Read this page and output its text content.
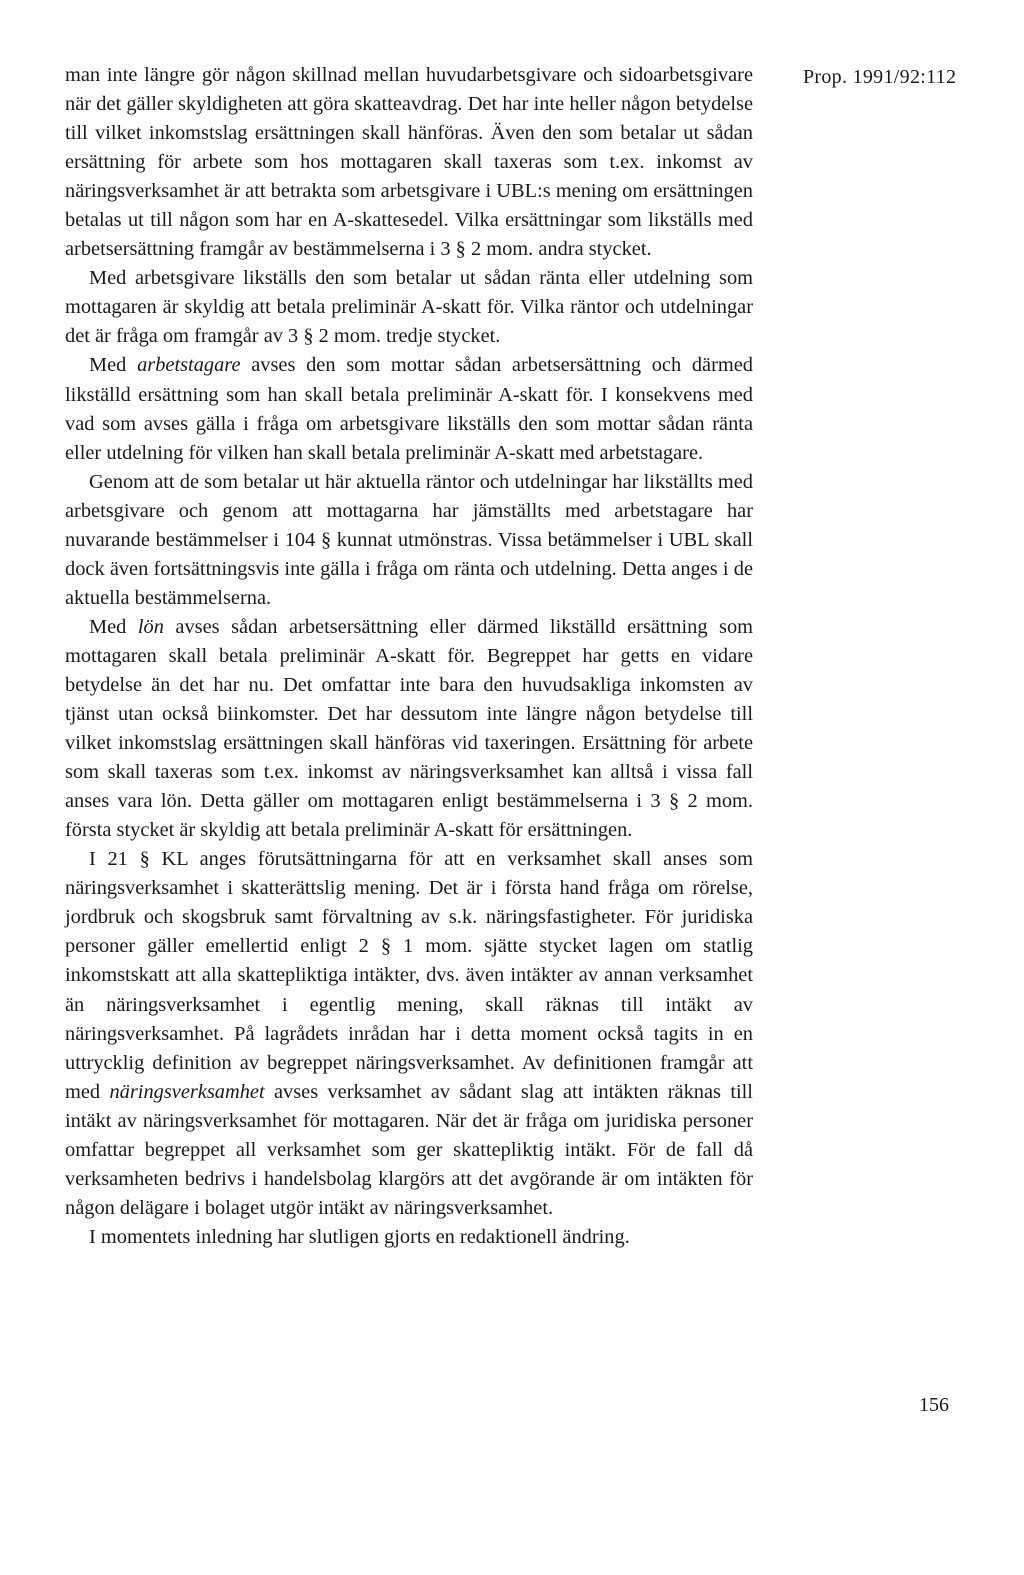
Prop. 1991/92:112

man inte längre gör någon skillnad mellan huvudarbetsgivare och sidoarbetsgivare när det gäller skyldigheten att göra skatteavdrag. Det har inte heller någon betydelse till vilket inkomstslag ersättningen skall hänföras. Även den som betalar ut sådan ersättning för arbete som hos mottagaren skall taxeras som t.ex. inkomst av näringsverksamhet är att betrakta som arbetsgivare i UBL:s mening om ersättningen betalas ut till någon som har en A-skattesedel. Vilka ersättningar som likställs med arbetsersättning framgår av bestämmelserna i 3 § 2 mom. andra stycket.

Med arbetsgivare likställs den som betalar ut sådan ränta eller utdelning som mottagaren är skyldig att betala preliminär A-skatt för. Vilka räntor och utdelningar det är fråga om framgår av 3 § 2 mom. tredje stycket.

Med arbetstagare avses den som mottar sådan arbetsersättning och därmed likställd ersättning som han skall betala preliminär A-skatt för. I konsekvens med vad som avses gälla i fråga om arbetsgivare likställs den som mottar sådan ränta eller utdelning för vilken han skall betala preliminär A-skatt med arbetstagare.

Genom att de som betalar ut här aktuella räntor och utdelningar har likställts med arbetsgivare och genom att mottagarna har jämställts med arbetstagare har nuvarande bestämmelser i 104 § kunnat utmönstras. Vissa betämmelser i UBL skall dock även fortsättningsvis inte gälla i fråga om ränta och utdelning. Detta anges i de aktuella bestämmelserna.

Med lön avses sådan arbetsersättning eller därmed likställd ersättning som mottagaren skall betala preliminär A-skatt för. Begreppet har getts en vidare betydelse än det har nu. Det omfattar inte bara den huvudsakliga inkomsten av tjänst utan också biinkomster. Det har dessutom inte längre någon betydelse till vilket inkomstslag ersättningen skall hänföras vid taxeringen. Ersättning för arbete som skall taxeras som t.ex. inkomst av näringsverksamhet kan alltså i vissa fall anses vara lön. Detta gäller om mottagaren enligt bestämmelserna i 3 § 2 mom. första stycket är skyldig att betala preliminär A-skatt för ersättningen.

I 21 § KL anges förutsättningarna för att en verksamhet skall anses som näringsverksamhet i skatterättslig mening. Det är i första hand fråga om rörelse, jordbruk och skogsbruk samt förvaltning av s.k. näringsfastigheter. För juridiska personer gäller emellertid enligt 2 § 1 mom. sjätte stycket lagen om statlig inkomstskatt att alla skattepliktiga intäkter, dvs. även intäkter av annan verksamhet än näringsverksamhet i egentlig mening, skall räknas till intäkt av näringsverksamhet. På lagrådets inrådan har i detta moment också tagits in en uttrycklig definition av begreppet näringsverksamhet. Av definitionen framgår att med näringsverksamhet avses verksamhet av sådant slag att intäkten räknas till intäkt av näringsverksamhet för mottagaren. När det är fråga om juridiska personer omfattar begreppet all verksamhet som ger skattepliktig intäkt. För de fall då verksamheten bedrivs i handelsbolag klargörs att det avgörande är om intäkten för någon delägare i bolaget utgör intäkt av näringsverksamhet.

I momentets inledning har slutligen gjorts en redaktionell ändring.

156
